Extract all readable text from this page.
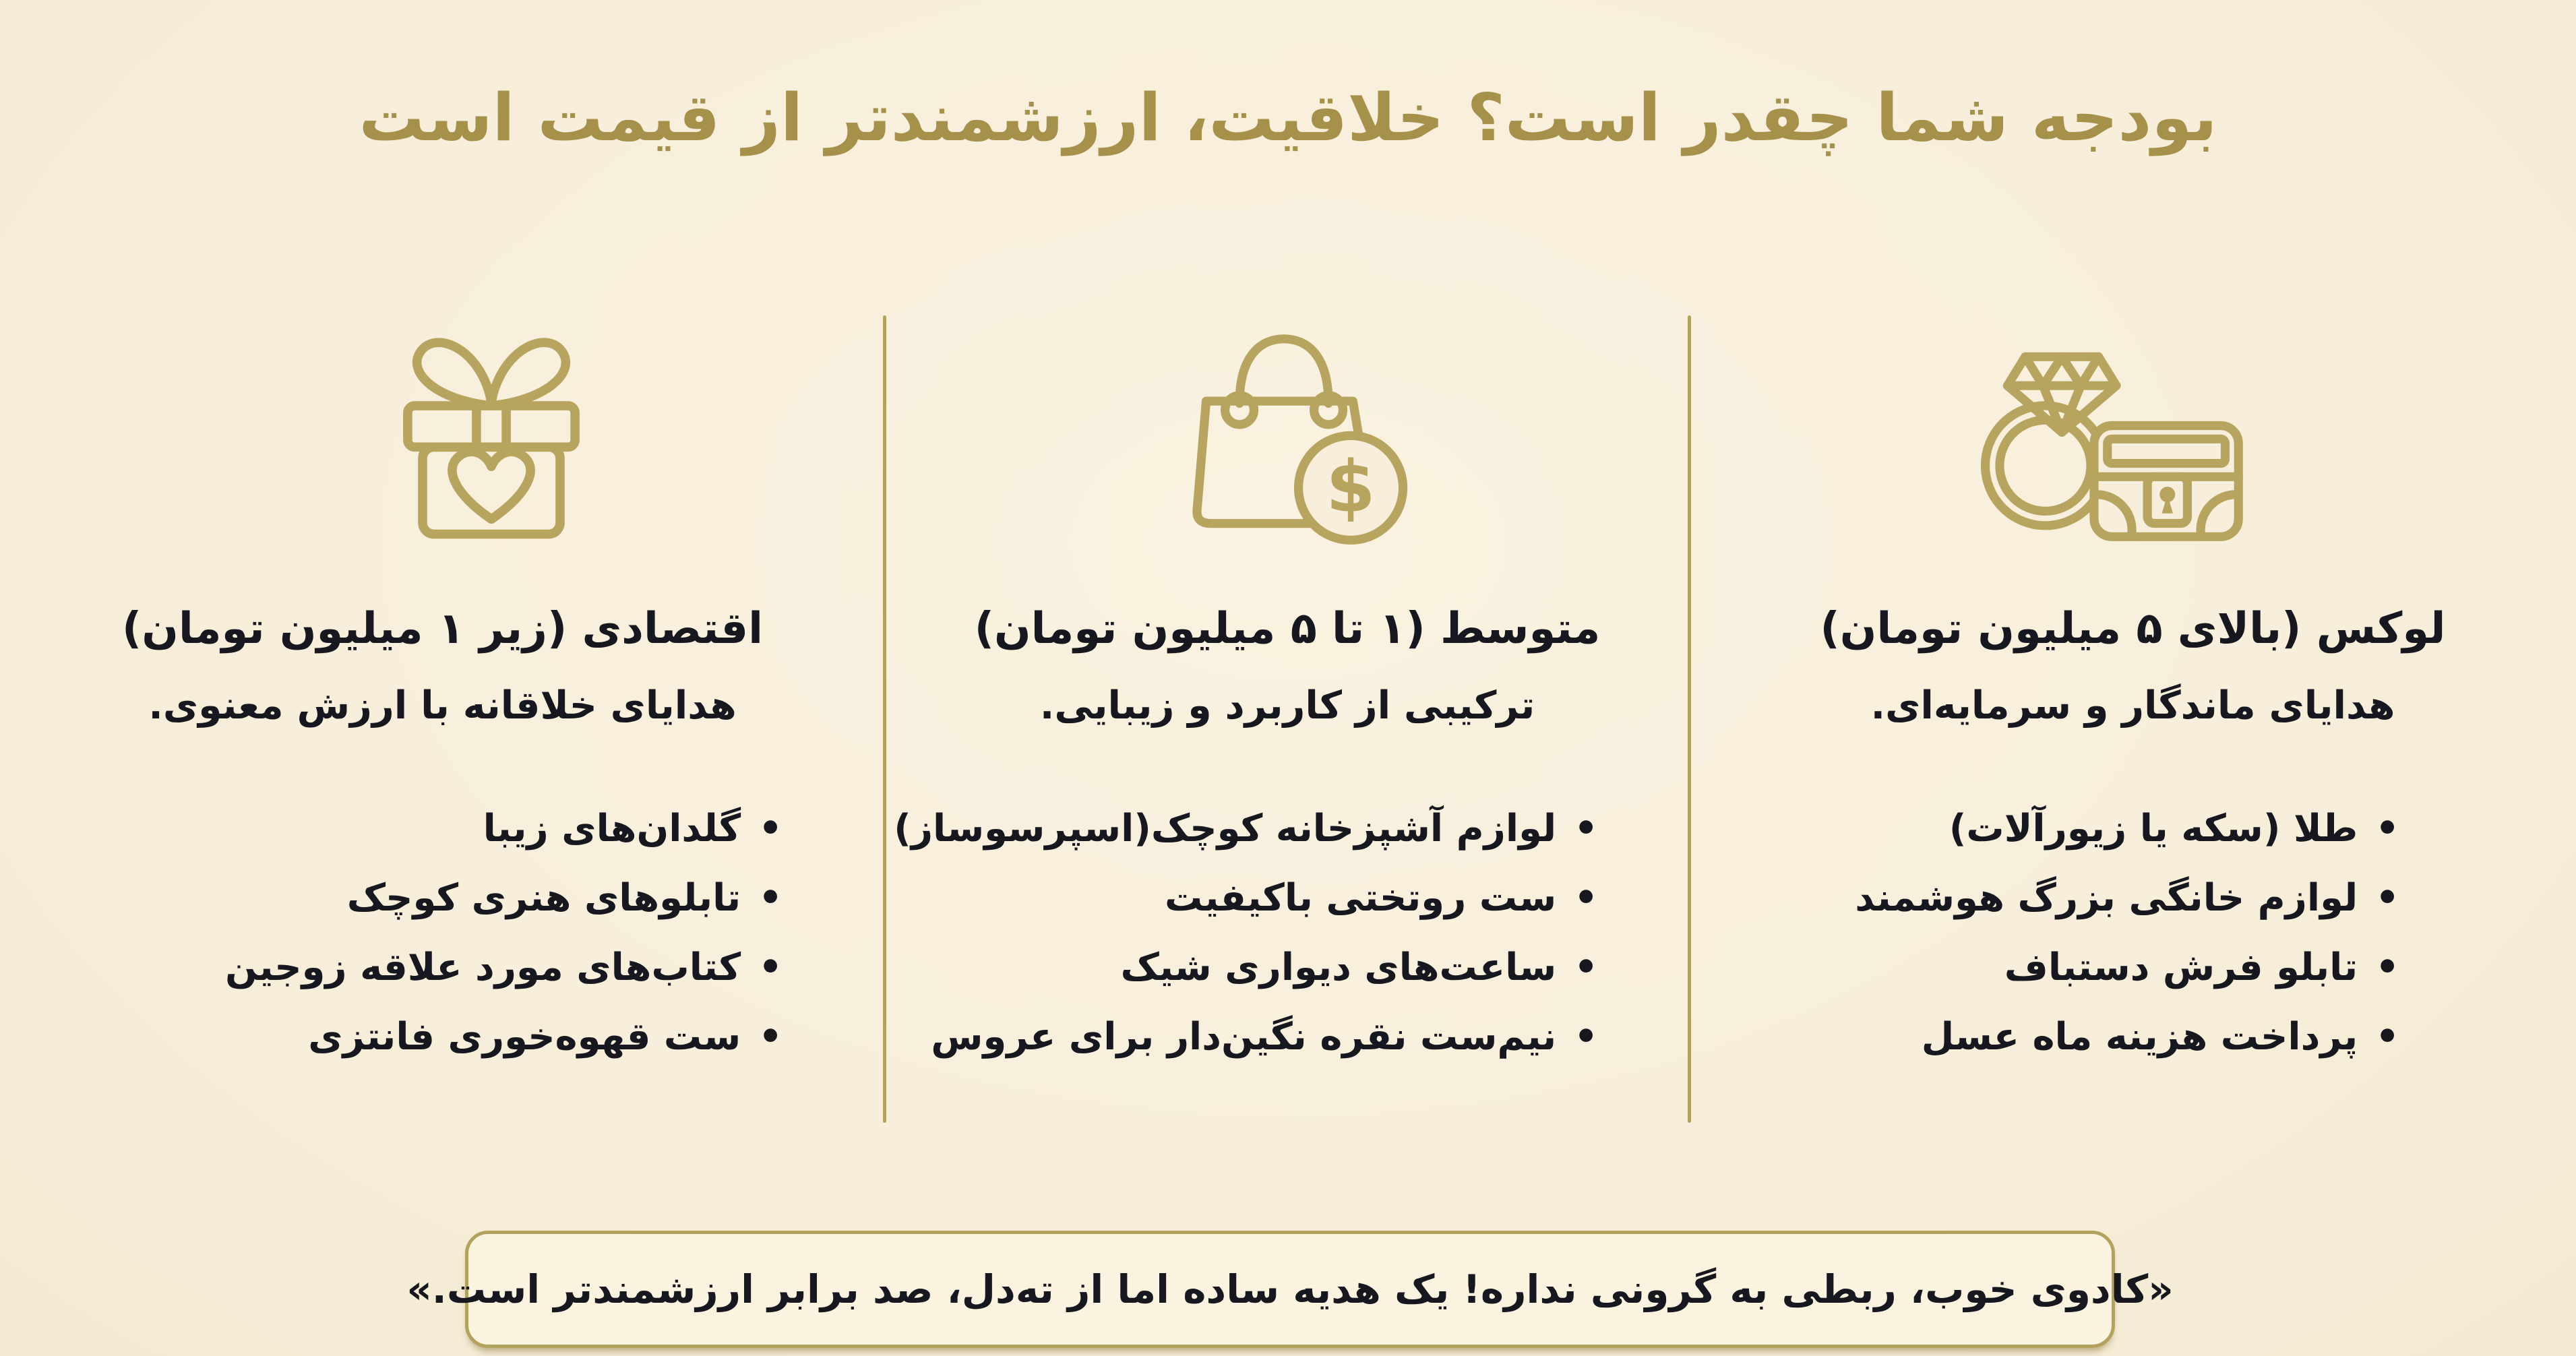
بودجه شما چقدر است؟ خلاقیت، ارزشمندتر از قیمت است
اقتصادی (زیر ۱ میلیون تومان)

هدایای خلاقانه با ارزش معنوی.

• گلدان‌های زیبا
• تابلوهای هنری کوچک
• کتاب‌های مورد علاقه زوجین
• ست قهوه‌خوری فانتزی
$
متوسط (۱ تا ۵ میلیون تومان)

ترکیبی از کاربرد و زیبایی.

• لوازم آشپزخانه کوچک(اسپرسوساز)
• ست روتختی باکیفیت
• ساعت‌های دیواری شیک
• نیم‌ست نقره نگین‌دار برای عروس
لوکس (بالای ۵ میلیون تومان)

هدایای ماندگار و سرمایه‌ای.

• طلا (سکه یا زیورآلات)
• لوازم خانگی بزرگ هوشمند
• تابلو فرش دستباف
• پرداخت هزینه ماه عسل

«کادوی خوب، ربطی به گرونی نداره! یک هدیه ساده اما از ته‌دل، صد برابر ارزشمندتر است.»
